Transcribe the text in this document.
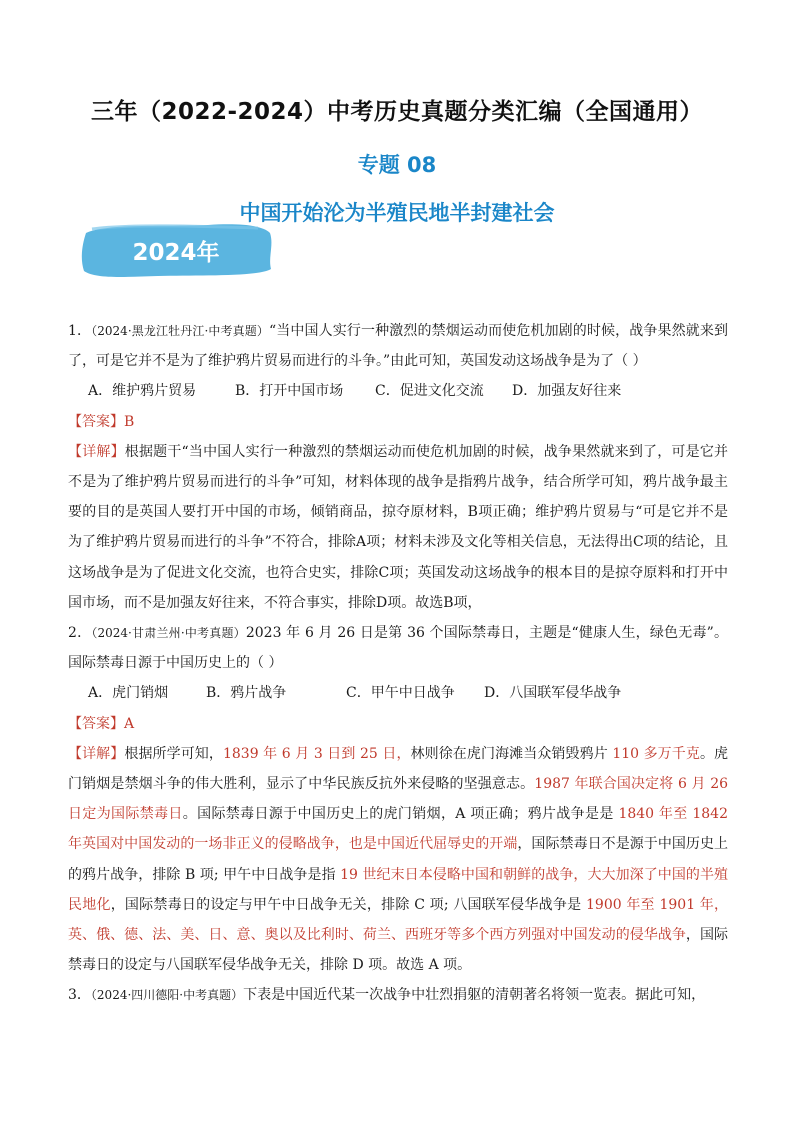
三年（2022-2024）中考历史真题分类汇编（全国通用）
专题 08
中国开始沦为半殖民地半封建社会
2024年

1．（2024·黑龙江牡丹江·中考真题）“当中国人实行一种激烈的禁烟运动而使危机加剧的时候，战争果然就来到了，可是它并不是为了维护鸦片贸易而进行的斗争。”由此可知，英国发动这场战争是为了（ ）

A．维护鸦片贸易	B．打开中国市场	C．促进文化交流	D．加强友好往来

【答案】B

【详解】根据题干“当中国人实行一种激烈的禁烟运动而使危机加剧的时候，战争果然就来到了，可是它并不是为了维护鸦片贸易而进行的斗争”可知，材料体现的战争是指鸦片战争，结合所学可知，鸦片战争最主要的目的是英国人要打开中国的市场，倾销商品，掠夺原材料，B项正确；维护鸦片贸易与“可是它并不是为了维护鸦片贸易而进行的斗争”不符合，排除A项；材料未涉及文化等相关信息，无法得出C项的结论，且这场战争是为了促进文化交流，也符合史实，排除C项；英国发动这场战争的根本目的是掠夺原料和打开中国市场，而不是加强友好往来，不符合事实，排除D项。故选B项，

2．（2024·甘肃兰州·中考真题）2023 年 6 月 26 日是第 36 个国际禁毒日，主题是“健康人生，绿色无毒”。国际禁毒日源于中国历史上的（ ）

A．虎门销烟	B．鸦片战争	C．甲午中日战争	D．八国联军侵华战争

【答案】A

【详解】根据所学可知，1839 年 6 月 3 日到 25 日，林则徐在虎门海滩当众销毁鸦片 110 多万千克。虎门销烟是禁烟斗争的伟大胜利，显示了中华民族反抗外来侵略的坚强意志。1987 年联合国决定将 6 月 26 日定为国际禁毒日。国际禁毒日源于中国历史上的虎门销烟，A 项正确；鸦片战争是是 1840 年至 1842 年英国对中国发动的一场非正义的侵略战争，也是中国近代屈辱史的开端，国际禁毒日不是源于中国历史上的鸦片战争，排除 B 项; 甲午中日战争是指 19 世纪末日本侵略中国和朝鲜的战争，大大加深了中国的半殖民地化，国际禁毒日的设定与甲午中日战争无关，排除 C 项; 八国联军侵华战争是 1900 年至 1901 年，英、俄、德、法、美、日、意、奥以及比利时、荷兰、西班牙等多个西方列强对中国发动的侵华战争，国际禁毒日的设定与八国联军侵华战争无关，排除 D 项。故选 A 项。

3．（2024·四川德阳·中考真题）下表是中国近代某一次战争中壮烈捐躯的清朝著名将领一览表。据此可知，
